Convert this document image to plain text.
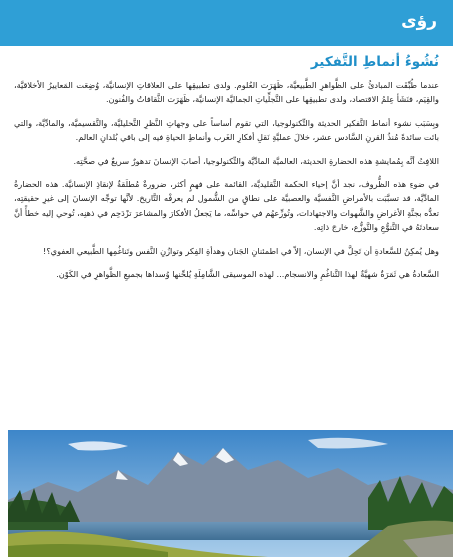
رؤى
نُشُوءُ أنماطِ التَّفكير

عندما طُبِّقَت المبادئُ على الظَّواهرِ الطَّبيعيَّة، ظَهَرَت العُلوم. ولدى تطبيقِها على العلاقاتِ الإنسانيَّة، وُضِعَت المَعاييرُ الأخلاقيَّة، والقِيَم، فنَشَأ عِلمُ الاقتصاد، ولدى تطبيقِها على التَّجلِّياتِ الجماليَّة الإنسانيَّة، ظَهَرَت الثَّقافاتُ والفُنون.

وبِسَبَب نشوء أنماط التَّفكير الحديثة والتِّكنولوجيا، التي تقوم أساساً على وجهاتِ النَّظرِ التَّحليليَّة، والتَّقسيميَّة، والمادِّيَّة، والتي باتَت سائدةً مُنذُ القرنِ السَّادس عشر، خلالَ عمليَّةِ نَقلِ أفكارِ الغَرب وأنماطِ الحياةِ فيه إلى باقي بُلدانِ العالم.

اللافِتُ أنَّه بِمُمايشةِ هذه الحضارةِ الحديثة، العالميَّة المادِّيَّة والتِّكنولوجيا، أصابَ الإنسانَ تدهورٌ سريعٌ في صحَّتِه.

في ضوءِ هذه الظُّروف، نجد أنَّ إحياء الحكمة التَّقليديَّة، القائمة على فهمٍ أكثر، ضرورةٌ مُطلَقةٌ لإنقاذِ الإنسانيَّة. هذه الحضارةُ المادِّيَّة، قد تسبَّبَت بالأمراضِ النَّفسيَّة والعصبيَّة على نطاقٍ من الشُّمول لم يعرفْه التَّاريخ. لأنَّها توجِّه الإنسانَ إلى غيرِ حقيقتِه، تعدُّه بجنَّةِ الأغراضِ والشَّهوات والاجتهادات، وتُوزِّعهُم في حواسِّه، ما يَجعلُ الأفكارَ والمشاعرَ تزْدَحِم في ذهنِه، تُوحي إليه خطأً أنَّ سعادتَهُ في التَّنوُّعِ والتَّوزُّع، خارجَ ذاتِه.

وهل يُمكِنُ للسَّعادةِ أن تَحِلَّ في الإنسان، إلاّ في اطمئنانِ الجَنان وهدأةِ الفِكر وتوازُنِ النَّفس وتَناغُمِها الطَّبيعي العفوي؟!

السَّعادةُ هي ثَمَرَةٌ شهيَّةٌ لهذا التَّناغُمِ والانسجام... لهذه الموسيقى الشَّامِلَةِ يُلحِّنها وُسداها بجميعِ الظَّواهرِ في الكَوْن.
